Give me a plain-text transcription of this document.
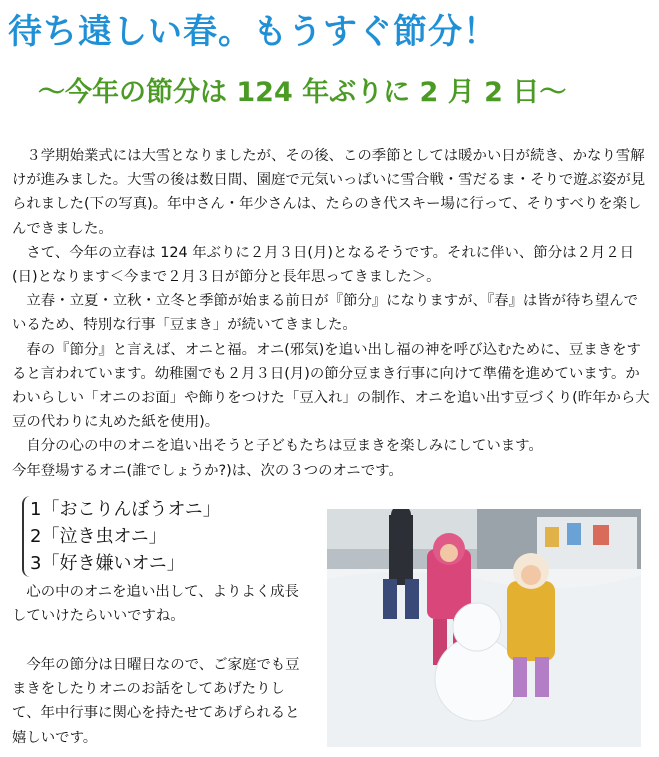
待ち遠しい春。もうすぐ節分！
～今年の節分は 124 年ぶりに 2 月 2 日～

３学期始業式には大雪となりましたが、その後、この季節としては暖かい日が続き、かなり雪解けが進みました。大雪の後は数日間、園庭で元気いっぱいに雪合戦・雪だるま・そりで遊ぶ姿が見られました(下の写真)。年中さん・年少さんは、たらのき代スキー場に行って、そりすべりを楽しんできました。

さて、今年の立春は 124 年ぶりに２月３日(月)となるそうです。それに伴い、節分は２月２日(日)となります＜今まで２月３日が節分と長年思ってきました＞。

立春・立夏・立秋・立冬と季節が始まる前日が『節分』になりますが、『春』は皆が待ち望んでいるため、特別な行事「豆まき」が続いてきました。

春の『節分』と言えば、オニと福。オニ(邪気)を追い出し福の神を呼び込むために、豆まきをすると言われています。幼稚園でも２月３日(月)の節分豆まき行事に向けて準備を進めています。かわいらしい「オニのお面」や飾りをつけた「豆入れ」の制作、オニを追い出す豆づくり(昨年から大豆の代わりに丸めた紙を使用)。

自分の心の中のオニを追い出そうと子どもたちは豆まきを楽しみにしています。

今年登場するオニ(誰でしょうか?)は、次の３つのオニです。

1「おこりんぼうオニ」
2「泣き虫オニ」
3「好き嫌いオニ」

心の中のオニを追い出して、よりよく成長していけたらいいですね。

今年の節分は日曜日なので、ご家庭でも豆まきをしたりオニのお話をしてあげたりして、年中行事に関心を持たせてあげられると嬉しいです。
